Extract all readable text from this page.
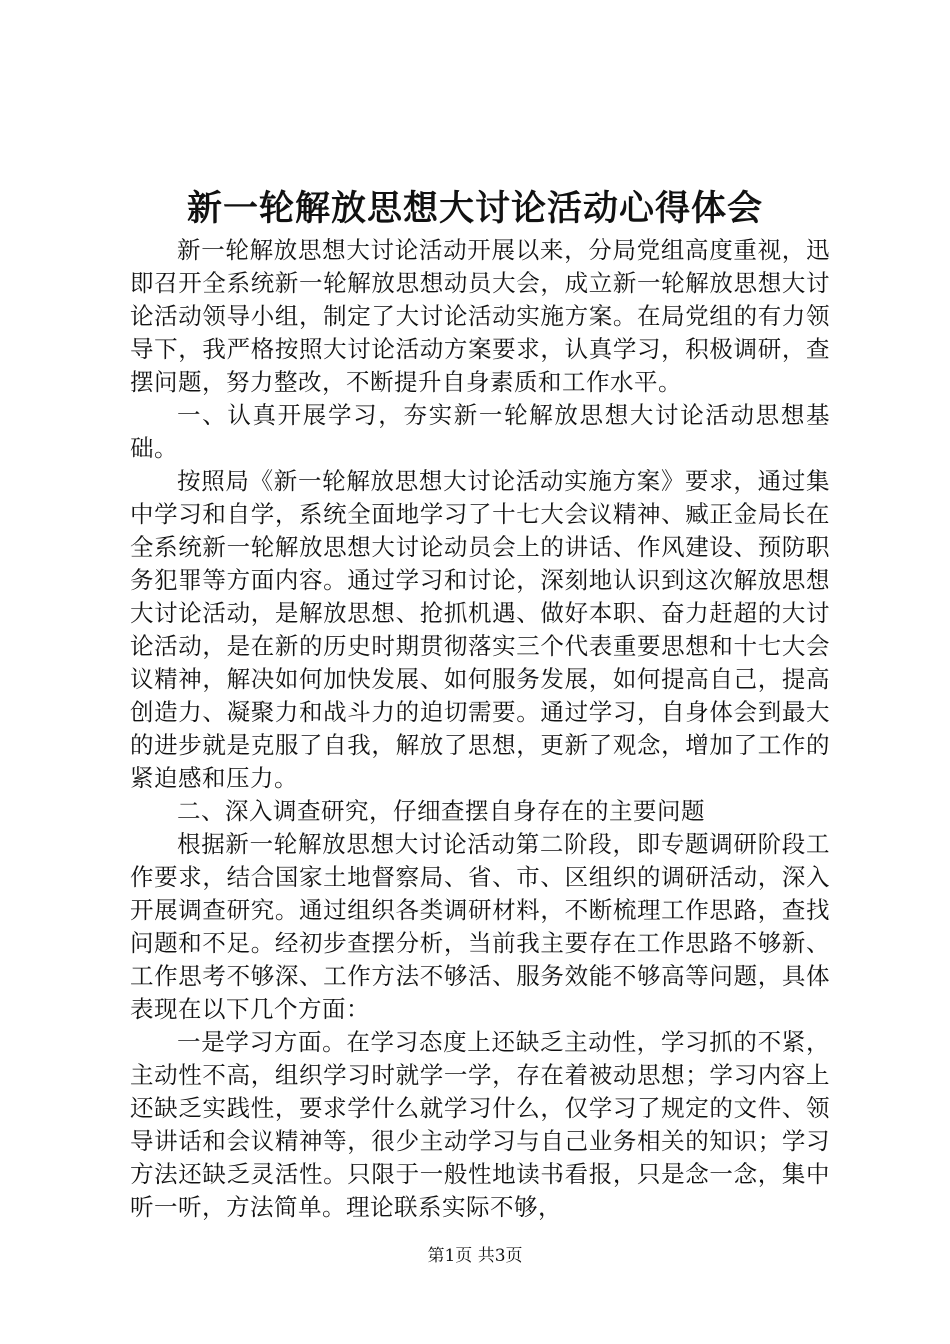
新一轮解放思想大讨论活动心得体会

新一轮解放思想大讨论活动开展以来，分局党组高度重视，迅即召开全系统新一轮解放思想动员大会，成立新一轮解放思想大讨论活动领导小组，制定了大讨论活动实施方案。在局党组的有力领导下，我严格按照大讨论活动方案要求，认真学习，积极调研，查摆问题，努力整改，不断提升自身素质和工作水平。

一、认真开展学习，夯实新一轮解放思想大讨论活动思想基础。

按照局《新一轮解放思想大讨论活动实施方案》要求，通过集中学习和自学，系统全面地学习了十七大会议精神、臧正金局长在全系统新一轮解放思想大讨论动员会上的讲话、作风建设、预防职务犯罪等方面内容。通过学习和讨论，深刻地认识到这次解放思想大讨论活动，是解放思想、抢抓机遇、做好本职、奋力赶超的大讨论活动，是在新的历史时期贯彻落实三个代表重要思想和十七大会议精神，解决如何加快发展、如何服务发展，如何提高自己，提高创造力、凝聚力和战斗力的迫切需要。通过学习，自身体会到最大的进步就是克服了自我，解放了思想，更新了观念，增加了工作的紧迫感和压力。

二、深入调查研究，仔细查摆自身存在的主要问题

根据新一轮解放思想大讨论活动第二阶段，即专题调研阶段工作要求，结合国家土地督察局、省、市、区组织的调研活动，深入开展调查研究。通过组织各类调研材料，不断梳理工作思路，查找问题和不足。经初步查摆分析，当前我主要存在工作思路不够新、工作思考不够深、工作方法不够活、服务效能不够高等问题，具体表现在以下几个方面：

一是学习方面。在学习态度上还缺乏主动性，学习抓的不紧，主动性不高，组织学习时就学一学，存在着被动思想；学习内容上还缺乏实践性，要求学什么就学习什么，仅学习了规定的文件、领导讲话和会议精神等，很少主动学习与自己业务相关的知识；学习方法还缺乏灵活性。只限于一般性地读书看报，只是念一念，集中听一听，方法简单。理论联系实际不够，

第1页 共3页
